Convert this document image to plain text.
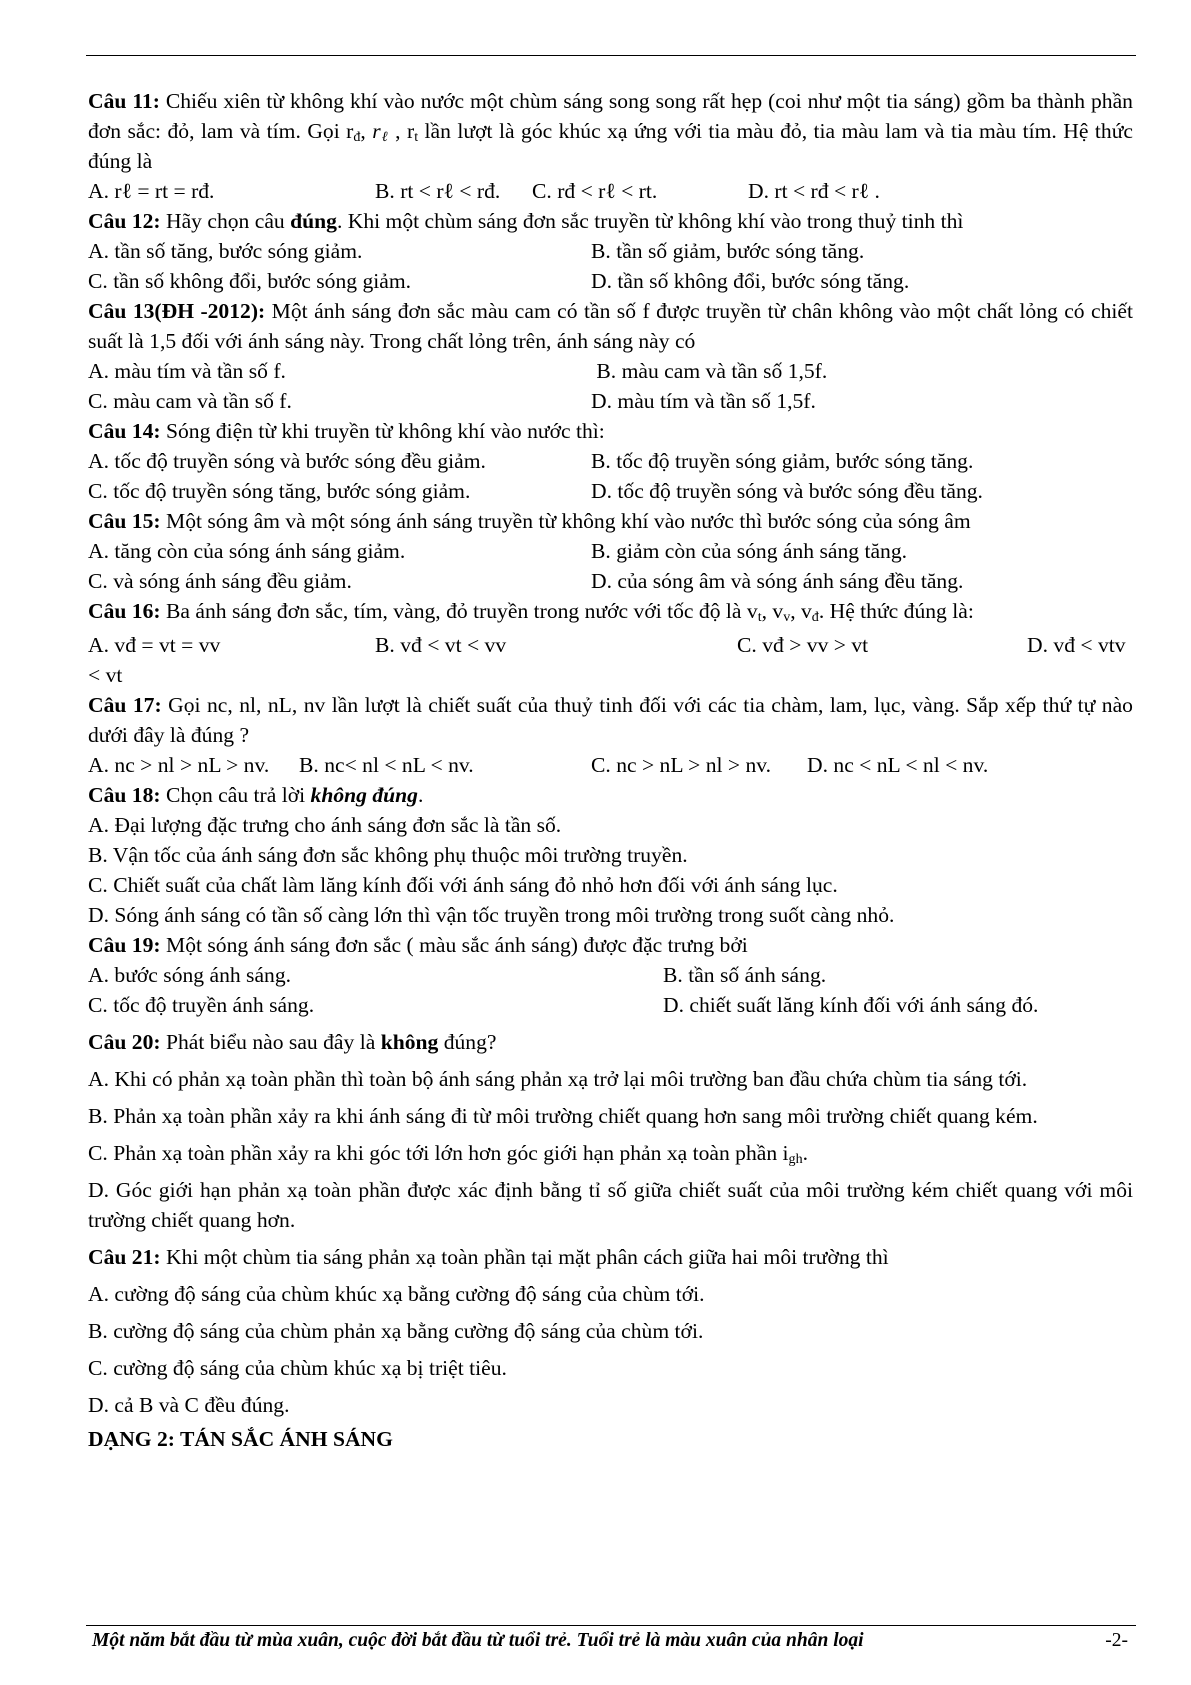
Câu 11: Chiếu xiên từ không khí vào nước một chùm sáng song song rất hẹp (coi như một tia sáng) gồm ba thành phần đơn sắc: đỏ, lam và tím. Gọi $r_đ$, $r_\ell$ , $r_t$ lần lượt là góc khúc xạ ứng với tia màu đỏ, tia màu lam và tia màu tím. Hệ thức đúng là

A. rℓ = rt = rđ.	B. rt < rℓ < rđ.	C. rđ < rℓ < rt.	D. rt < rđ < rℓ .

Câu 12: Hãy chọn câu đúng. Khi một chùm sáng đơn sắc truyền từ không khí vào trong thuỷ tinh thì

A. tần số tăng, bước sóng giảm.	B. tần số giảm, bước sóng tăng.
C. tần số không đổi, bước sóng giảm.	D. tần số không đổi, bước sóng tăng.

Câu 13(ĐH -2012): Một ánh sáng đơn sắc màu cam có tần số f được truyền từ chân không vào một chất lỏng có chiết suất là 1,5 đối với ánh sáng này. Trong chất lỏng trên, ánh sáng này có

A. màu tím và tần số f.	B. màu cam và tần số 1,5f.
C. màu cam và tần số f.	D. màu tím và tần số 1,5f.

Câu 14: Sóng điện từ khi truyền từ không khí vào nước thì:

A. tốc độ truyền sóng và bước sóng đều giảm.	B. tốc độ truyền sóng giảm, bước sóng tăng.
C. tốc độ truyền sóng tăng, bước sóng giảm.	D. tốc độ truyền sóng và bước sóng đều tăng.

Câu 15: Một sóng âm và một sóng ánh sáng truyền từ không khí vào nước thì bước sóng của sóng âm

A. tăng còn của sóng ánh sáng giảm.	B. giảm còn của sóng ánh sáng tăng.
C. và sóng ánh sáng đều giảm.	D. của sóng âm và sóng ánh sáng đều tăng.

Câu 16: Ba ánh sáng đơn sắc, tím, vàng, đỏ truyền trong nước với tốc độ là $v_t$, $v_v$, $v_đ$. Hệ thức đúng là:

A. vđ = vt = vv	B. vđ < vt < vv	C. vđ > vv > vt	D. vđ < vtv
< vt

Câu 17: Gọi nc, nl, nL, nv lần lượt là chiết suất của thuỷ tinh đối với các tia chàm, lam, lục, vàng. Sắp xếp thứ tự nào dưới đây là đúng ?

A. nc > nl > nL > nv.	B. nc< nl < nL < nv.	C. nc > nL > nl > nv.	D. nc < nL < nl < nv.

Câu 18: Chọn câu trả lời không đúng.

A. Đại lượng đặc trưng cho ánh sáng đơn sắc là tần số.
B. Vận tốc của ánh sáng đơn sắc không phụ thuộc môi trường truyền.
C. Chiết suất của chất làm lăng kính đối với ánh sáng đỏ nhỏ hơn đối với ánh sáng lục.
D. Sóng ánh sáng có tần số càng lớn thì vận tốc truyền trong môi trường trong suốt càng nhỏ.

Câu 19: Một sóng ánh sáng đơn sắc ( màu sắc ánh sáng) được đặc trưng bởi

A. bước sóng ánh sáng.	B. tần số ánh sáng.
C. tốc độ truyền ánh sáng.	D. chiết suất lăng kính đối với ánh sáng đó.

Câu 20: Phát biểu nào sau đây là không đúng?

A. Khi có phản xạ toàn phần thì toàn bộ ánh sáng phản xạ trở lại môi trường ban đầu chứa chùm tia sáng tới.

B. Phản xạ toàn phần xảy ra khi ánh sáng đi từ môi trường chiết quang hơn sang môi trường chiết quang kém.

C. Phản xạ toàn phần xảy ra khi góc tới lớn hơn góc giới hạn phản xạ toàn phần $i_{gh}$.

D. Góc giới hạn phản xạ toàn phần được xác định bằng tỉ số giữa chiết suất của môi trường kém chiết quang với môi trường chiết quang hơn.

Câu 21: Khi một chùm tia sáng phản xạ toàn phần tại mặt phân cách giữa hai môi trường thì

A. cường độ sáng của chùm khúc xạ bằng cường độ sáng của chùm tới.

B. cường độ sáng của chùm phản xạ bằng cường độ sáng của chùm tới.

C. cường độ sáng của chùm khúc xạ bị triệt tiêu.

D. cả B và C đều đúng.

DẠNG 2: TÁN SẮC ÁNH SÁNG

Một năm bắt đầu từ mùa xuân, cuộc đời bắt đầu từ tuổi trẻ. Tuổi trẻ là màu xuân của nhân loại	-2-
